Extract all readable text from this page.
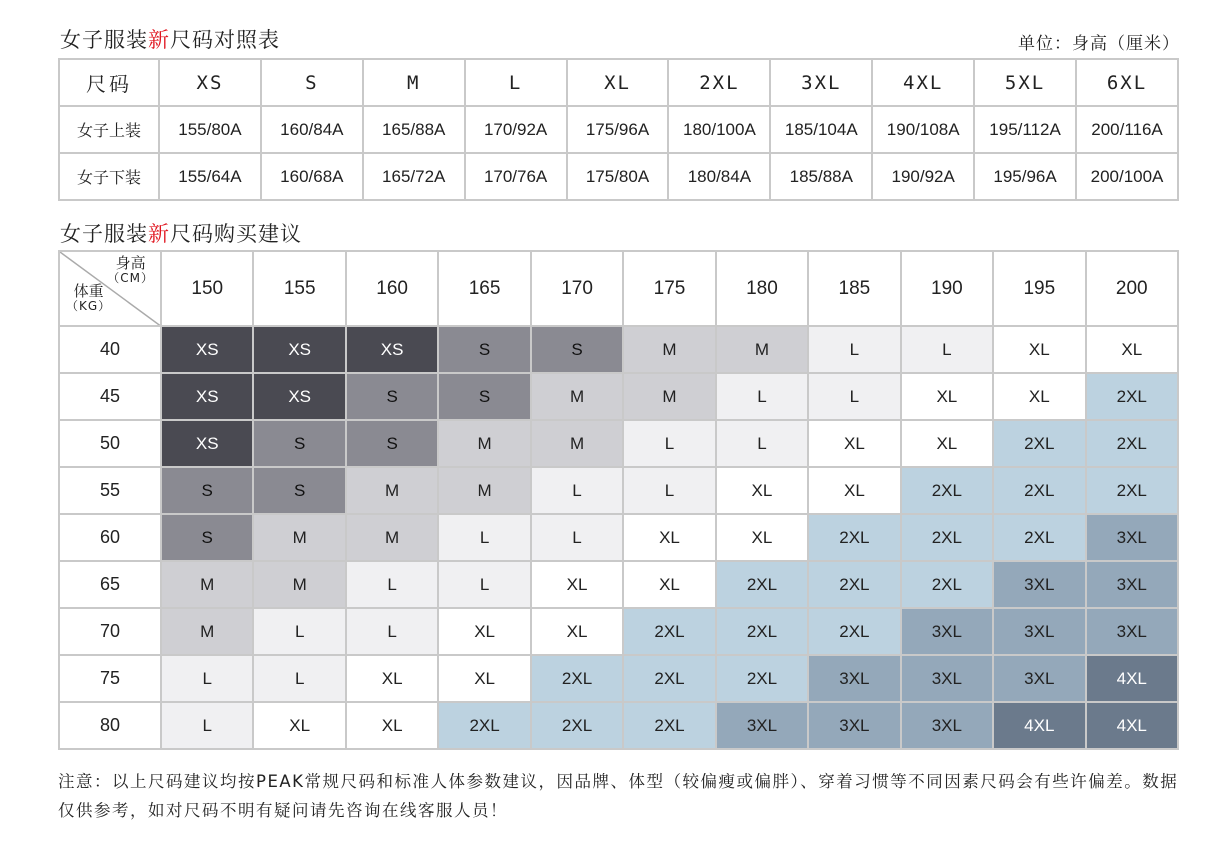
女子服装新尺码对照表	单位：身高（厘米）
尺码	XS	S	M	L	XL	2XL	3XL	4XL	5XL	6XL
女子上装	155/80A	160/84A	165/88A	170/92A	175/96A	180/100A	185/104A	190/108A	195/112A	200/116A
女子下装	155/64A	160/68A	165/72A	170/76A	175/80A	180/84A	185/88A	190/92A	195/96A	200/100A
女子服装新尺码购买建议
身高
（CM）
体重
（KG）	150	155	160	165	170	175	180	185	190	195	200
40	XS	XS	XS	S	S	M	M	L	L	XL	XL
45	XS	XS	S	S	M	M	L	L	XL	XL	2XL
50	XS	S	S	M	M	L	L	XL	XL	2XL	2XL
55	S	S	M	M	L	L	XL	XL	2XL	2XL	2XL
60	S	M	M	L	L	XL	XL	2XL	2XL	2XL	3XL
65	M	M	L	L	XL	XL	2XL	2XL	2XL	3XL	3XL
70	M	L	L	XL	XL	2XL	2XL	2XL	3XL	3XL	3XL
75	L	L	XL	XL	2XL	2XL	2XL	3XL	3XL	3XL	4XL
80	L	XL	XL	2XL	2XL	2XL	3XL	3XL	3XL	4XL	4XL
注意：以上尺码建议均按PEAK常规尺码和标准人体参数建议，因品牌、体型（较偏瘦或偏胖）、穿着习惯等不同因素尺码会有些许偏差。数据仅供参考，如对尺码不明有疑问请先咨询在线客服人员！
